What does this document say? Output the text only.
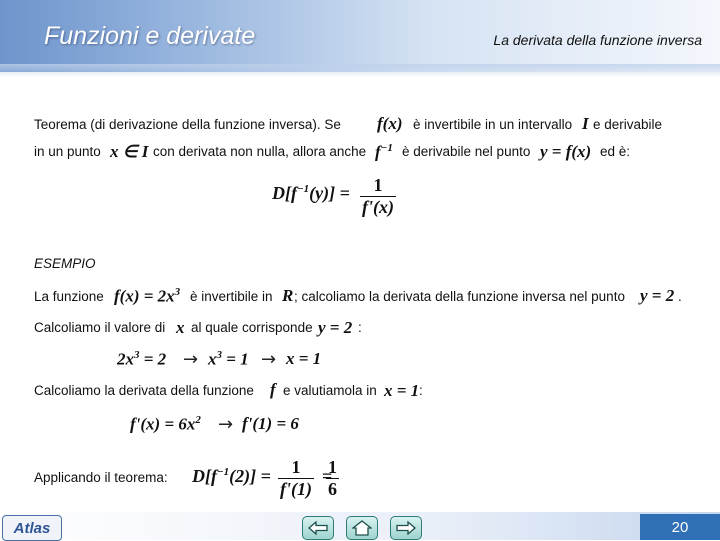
Funzioni e derivate	La derivata della funzione inversa
Teorema (di derivazione della funzione inversa). Se f(x) è invertibile in un intervallo I e derivabile
in un punto x ∈ I con derivata non nulla, allora anche $f^{-1}$ è derivabile nel punto y = f(x) ed è:
$D[f^{-1}(y)] = \frac{1}{f'(x)}$
ESEMPIO
La funzione $f(x) = 2x^3$ è invertibile in R ; calcoliamo la derivata della funzione inversa nel punto y = 2 .
Calcoliamo il valore di x al quale corrisponde y = 2 :
$2x^3 = 2 \to x^3 = 1 \to x = 1$
Calcoliamo la derivata della funzione f e valutiamola in x = 1 :
$f'(x) = 6x^2 \to f'(1) = 6$
Applicando il teorema: $D[f^{-1}(2)] = \frac{1}{f'(1)}$ =
$\frac{1}{6}$
Atlas	20
